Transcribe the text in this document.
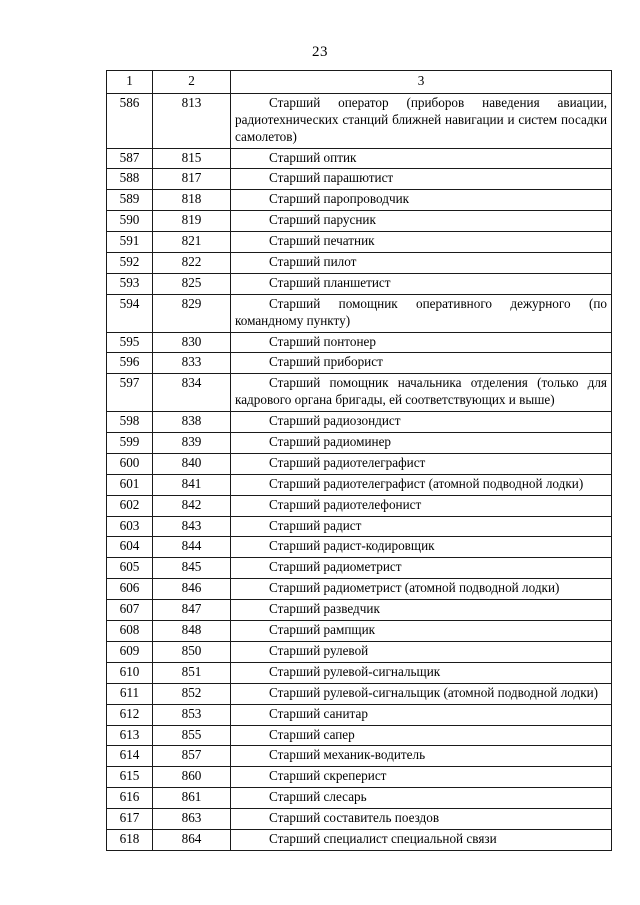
23
1	2	3
586	813	Старший оператор (приборов наведения авиации, радиотехнических станций ближней навигации и систем посадки самолетов)
587	815	Старший оптик
588	817	Старший парашютист
589	818	Старший паропроводчик
590	819	Старший парусник
591	821	Старший печатник
592	822	Старший пилот
593	825	Старший планшетист
594	829	Старший помощник оперативного дежурного (по командному пункту)
595	830	Старший понтонер
596	833	Старший приборист
597	834	Старший помощник начальника отделения (только для кадрового органа бригады, ей соответствующих и выше)
598	838	Старший радиозондист
599	839	Старший радиоминер
600	840	Старший радиотелеграфист
601	841	Старший радиотелеграфист (атомной подводной лодки)
602	842	Старший радиотелефонист
603	843	Старший радист
604	844	Старший радист-кодировщик
605	845	Старший радиометрист
606	846	Старший радиометрист (атомной подводной лодки)
607	847	Старший разведчик
608	848	Старший рампщик
609	850	Старший рулевой
610	851	Старший рулевой-сигнальщик
611	852	Старший рулевой-сигнальщик (атомной подводной лодки)
612	853	Старший санитар
613	855	Старший сапер
614	857	Старший механик-водитель
615	860	Старший скреперист
616	861	Старший слесарь
617	863	Старший составитель поездов
618	864	Старший специалист специальной связи
